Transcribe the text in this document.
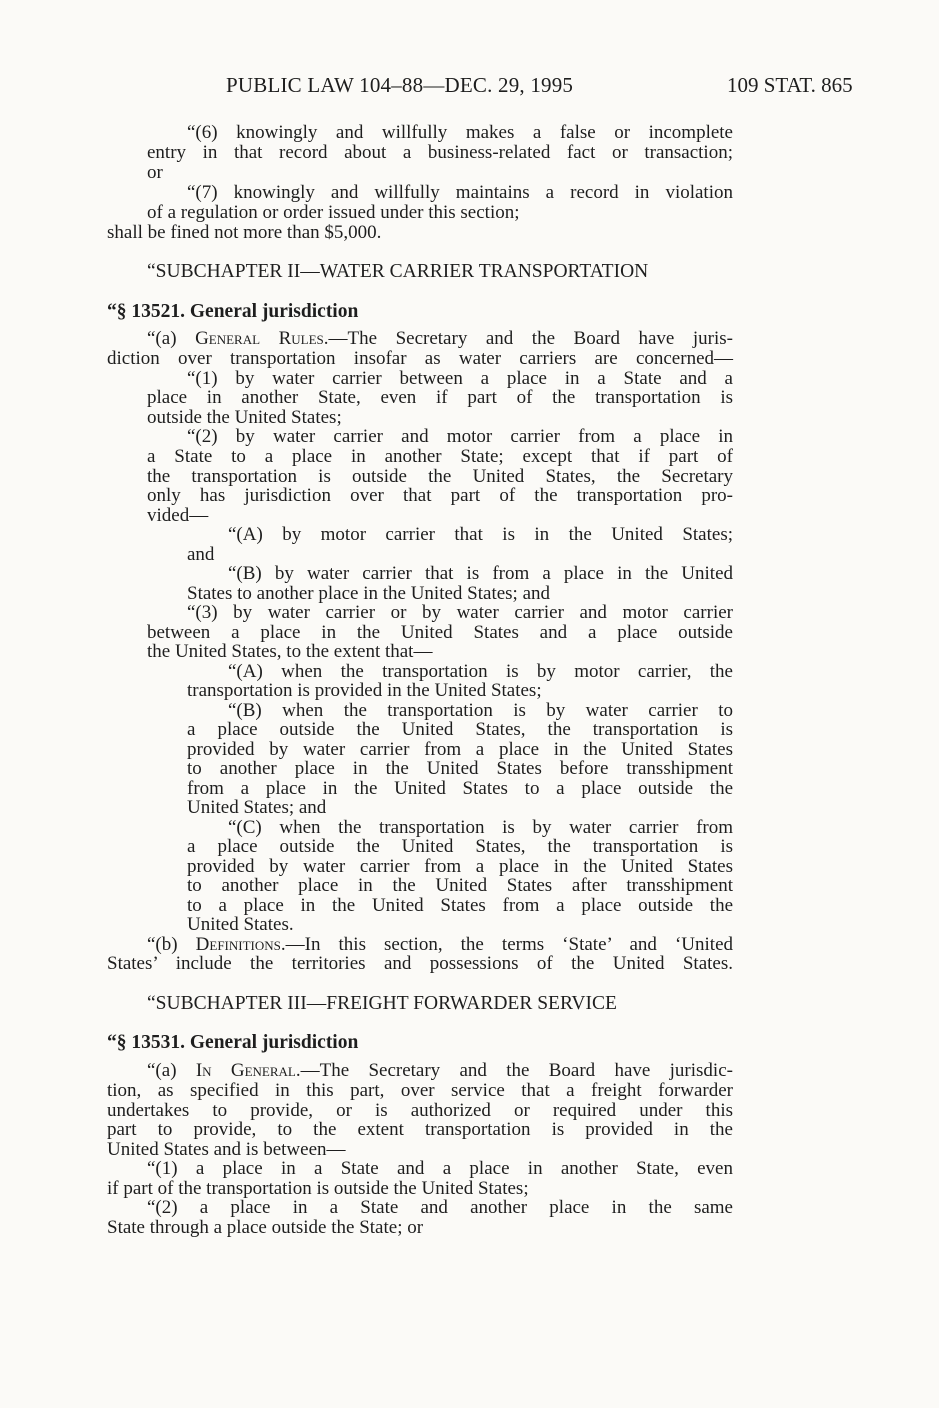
PUBLIC LAW 104–88—DEC. 29, 1995	109 STAT. 865
“(6) knowingly and willfully makes a false or incomplete
entry in that record about a business-related fact or transaction;
or
“(7) knowingly and willfully maintains a record in violation
of a regulation or order issued under this section;
shall be fined not more than $5,000.
“SUBCHAPTER II—WATER CARRIER TRANSPORTATION
“§ 13521. General jurisdiction
“(a) General Rules.—The Secretary and the Board have juris-
diction over transportation insofar as water carriers are concerned—
“(1) by water carrier between a place in a State and a
place in another State, even if part of the transportation is
outside the United States;
“(2) by water carrier and motor carrier from a place in
a State to a place in another State; except that if part of
the transportation is outside the United States, the Secretary
only has jurisdiction over that part of the transportation pro-
vided—
“(A) by motor carrier that is in the United States;
and
“(B) by water carrier that is from a place in the United
States to another place in the United States; and
“(3) by water carrier or by water carrier and motor carrier
between a place in the United States and a place outside
the United States, to the extent that—
“(A) when the transportation is by motor carrier, the
transportation is provided in the United States;
“(B) when the transportation is by water carrier to
a place outside the United States, the transportation is
provided by water carrier from a place in the United States
to another place in the United States before transshipment
from a place in the United States to a place outside the
United States; and
“(C) when the transportation is by water carrier from
a place outside the United States, the transportation is
provided by water carrier from a place in the United States
to another place in the United States after transshipment
to a place in the United States from a place outside the
United States.
“(b) Definitions.—In this section, the terms ‘State’ and ‘United
States’ include the territories and possessions of the United States.
“SUBCHAPTER III—FREIGHT FORWARDER SERVICE
“§ 13531. General jurisdiction
“(a) In General.—The Secretary and the Board have jurisdic-
tion, as specified in this part, over service that a freight forwarder
undertakes to provide, or is authorized or required under this
part to provide, to the extent transportation is provided in the
United States and is between—
“(1) a place in a State and a place in another State, even
if part of the transportation is outside the United States;
“(2) a place in a State and another place in the same
State through a place outside the State; or
